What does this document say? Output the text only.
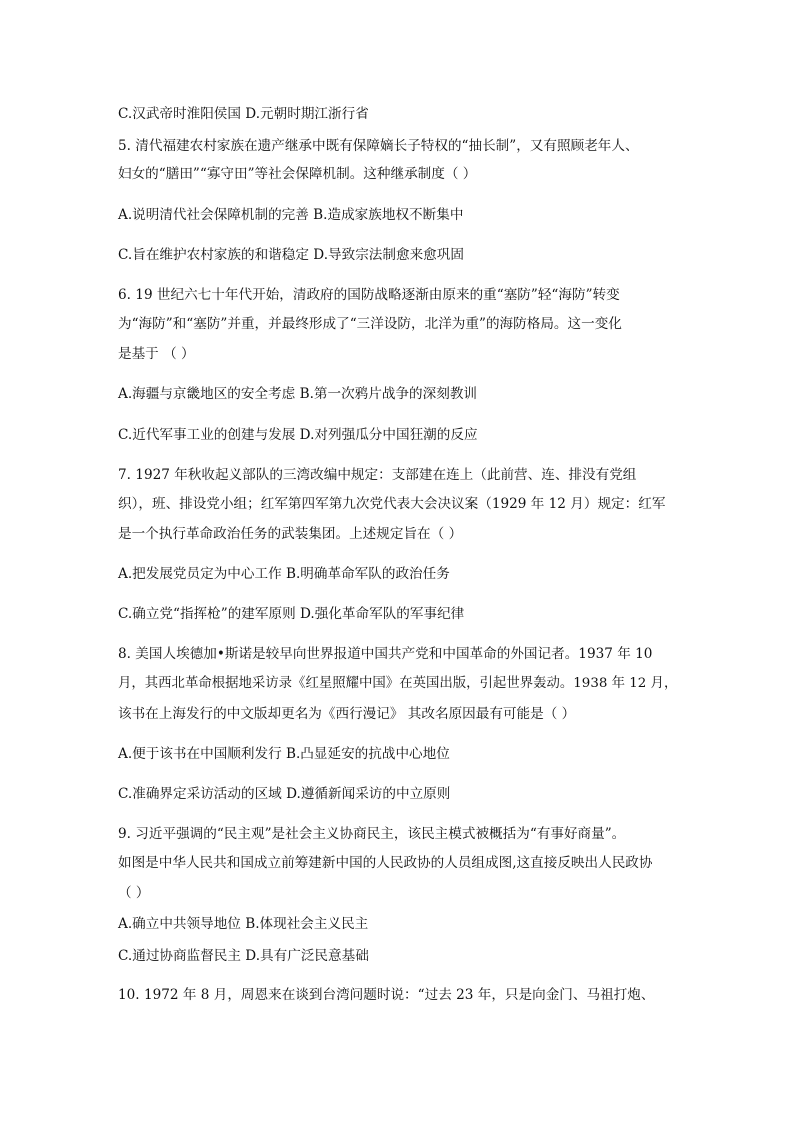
C.汉武帝时淮阳侯国 D.元朝时期江浙行省
5. 清代福建农村家族在遗产继承中既有保障嫡长子特权的“抽长制”，又有照顾老年人、
妇女的“膳田”“寡守田”等社会保障机制。这种继承制度（ ）
A.说明清代社会保障机制的完善 B.造成家族地权不断集中
C.旨在维护农村家族的和谐稳定 D.导致宗法制愈来愈巩固
6. 19 世纪六七十年代开始，清政府的国防战略逐渐由原来的重“塞防”轻“海防”转变
为“海防”和“塞防”并重，并最终形成了“三洋设防，北洋为重”的海防格局。这一变化
是基于 （ ）
A.海疆与京畿地区的安全考虑 B.第一次鸦片战争的深刻教训
C.近代军事工业的创建与发展 D.对列强瓜分中国狂潮的反应
7. 1927 年秋收起义部队的三湾改编中规定：支部建在连上（此前营、连、排没有党组
织），班、排设党小组；红军第四军第九次党代表大会决议案（1929 年 12 月）规定：红军
是一个执行革命政治任务的武装集团。上述规定旨在（ ）
A.把发展党员定为中心工作 B.明确革命军队的政治任务
C.确立党“指挥枪”的建军原则 D.强化革命军队的军事纪律
8. 美国人埃德加•斯诺是较早向世界报道中国共产党和中国革命的外国记者。1937 年 10
月，其西北革命根据地采访录《红星照耀中国》在英国出版，引起世界轰动。1938 年 12 月，
该书在上海发行的中文版却更名为《西行漫记》 其改名原因最有可能是（ ）
A.便于该书在中国顺利发行 B.凸显延安的抗战中心地位
C.准确界定采访活动的区域 D.遵循新闻采访的中立原则
9. 习近平强调的“民主观”是社会主义协商民主，该民主模式被概括为“有事好商量”。
如图是中华人民共和国成立前筹建新中国的人民政协的人员组成图,这直接反映出人民政协
（ ）
A.确立中共领导地位 B.体现社会主义民主
C.通过协商监督民主 D.具有广泛民意基础
10. 1972 年 8 月，周恩来在谈到台湾问题时说：“过去 23 年，只是向金门、马祖打炮、
